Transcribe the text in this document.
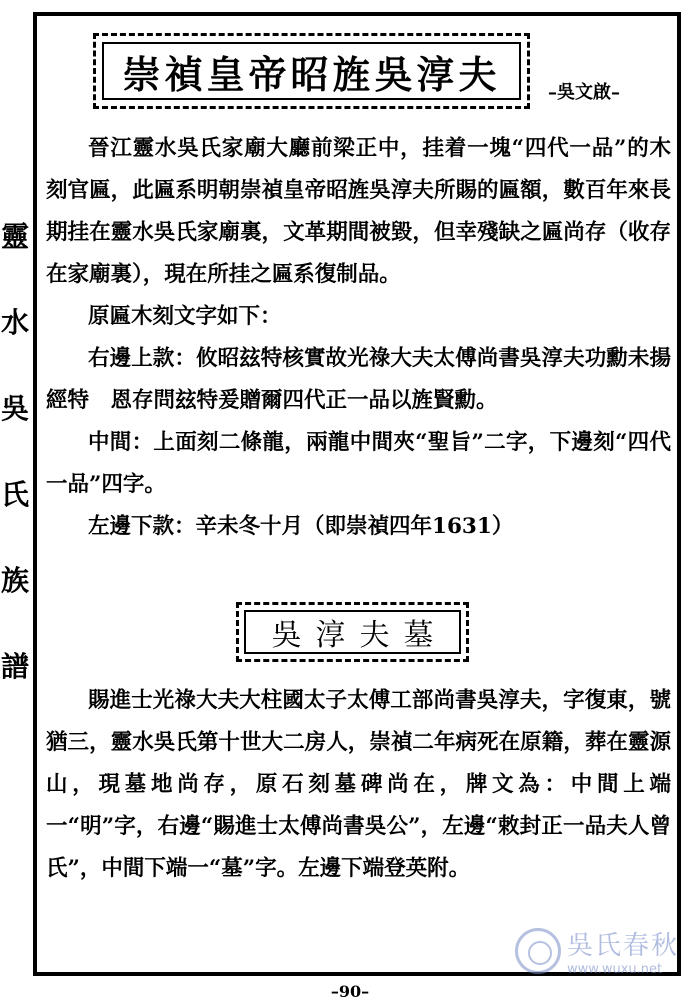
靈
水
吳
氏
族
譜
崇禎皇帝昭旌吳淳夫	–吳文啟–

晉江靈水吳氏家廟大廳前梁正中，挂着一塊“四代一品”的木刻官匾，此匾系明朝崇禎皇帝昭旌吳淳夫所賜的匾額，數百年來長期挂在靈水吳氏家廟裏，文革期間被毀，但幸殘缺之匾尚存（收存在家廟裏），現在所挂之匾系復制品。

原匾木刻文字如下：

右邊上款：攸昭玆特核實故光祿大夫太傅尚書吳淳夫功勳未揚經特　恩存問玆特爰贈爾四代正一品以旌賢勳。

中間：上面刻二條龍，兩龍中間夾“聖旨”二字，下邊刻“四代一品”四字。

左邊下款：辛未冬十月（即崇禎四年1631）

吳淳夫墓

賜進士光祿大夫大柱國太子太傅工部尚書吳淳夫，字復東，號猶三，靈水吳氏第十世大二房人，崇禎二年病死在原籍，葬在靈源山，現墓地尚存，原石刻墓碑尚在，牌文為：中間上端一“明”字，右邊“賜進士太傅尚書吳公”，左邊“敕封正一品夫人曾氏”，中間下端一“墓”字。左邊下端登英附。

吳氏春秋
www.wuxu.net
–90–
